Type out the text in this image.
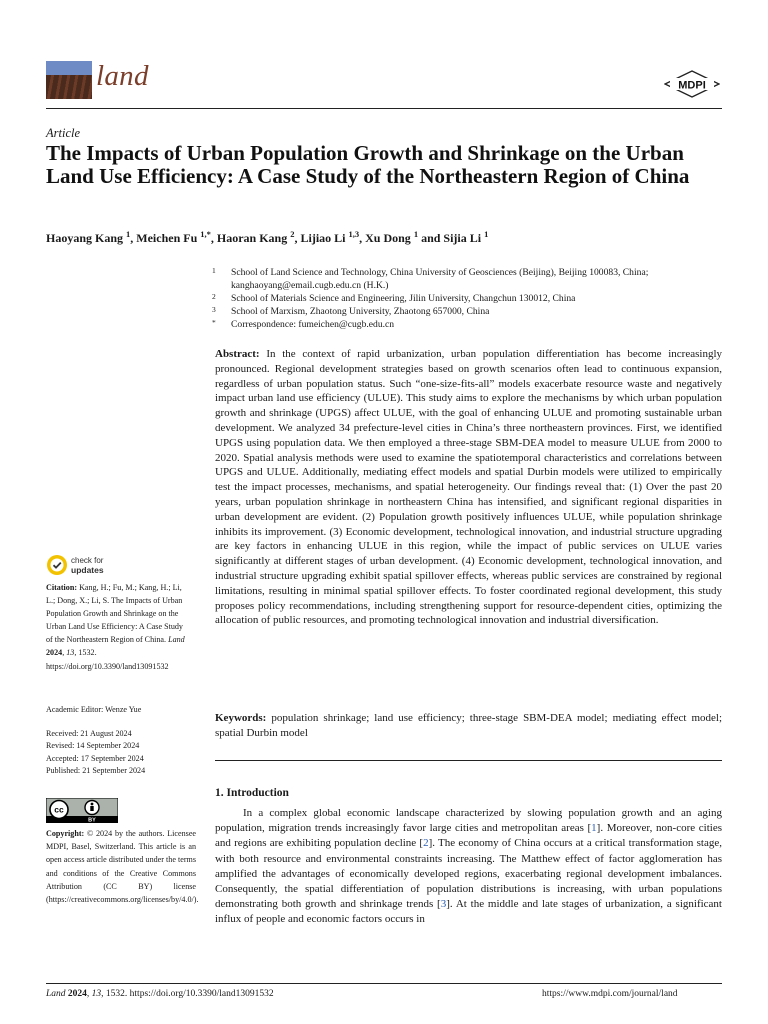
land	MDPI
Article
The Impacts of Urban Population Growth and Shrinkage on the Urban Land Use Efficiency: A Case Study of the Northeastern Region of China
Haoyang Kang $^1$, Meichen Fu $^{1,*}$, Haoran Kang $^2$, Lijiao Li $^{1,3}$, Xu Dong $^1$ and Sijia Li $^1$
1 School of Land Science and Technology, China University of Geosciences (Beijing), Beijing 100083, China; kanghaoyang@email.cugb.edu.cn (H.K.)
2 School of Materials Science and Engineering, Jilin University, Changchun 130012, China
3 School of Marxism, Zhaotong University, Zhaotong 657000, China
* Correspondence: fumeichen@cugb.edu.cn
check for
updates
Citation: Kang, H.; Fu, M.; Kang, H.; Li, L.; Dong, X.; Li, S. The Impacts of Urban Population Growth and Shrinkage on the Urban Land Use Efficiency: A Case Study of the Northeastern Region of China. Land 2024, 13, 1532. https://doi.org/10.3390/land13091532
Academic Editor: Wenze Yue
Received: 21 August 2024
Revised: 14 September 2024
Accepted: 17 September 2024
Published: 21 September 2024
cc
BY
Copyright: © 2024 by the authors. Licensee MDPI, Basel, Switzerland. This article is an open access article distributed under the terms and conditions of the Creative Commons Attribution (CC BY) license (https://creativecommons.org/licenses/by/4.0/).
Abstract: In the context of rapid urbanization, urban population differentiation has become increasingly pronounced. Regional development strategies based on growth scenarios often lead to continuous expansion, regardless of urban population status. Such “one-size-fits-all” models exacerbate resource waste and negatively impact urban land use efficiency (ULUE). This study aims to explore the mechanisms by which urban population growth and shrinkage (UPGS) affect ULUE, with the goal of enhancing ULUE and promoting sustainable urban development. We analyzed 34 prefecture-level cities in China’s three northeastern provinces. First, we identified UPGS using population data. We then employed a three-stage SBM-DEA model to measure ULUE from 2000 to 2020. Spatial analysis methods were used to examine the spatiotemporal characteristics and correlations between UPGS and ULUE. Additionally, mediating effect models and spatial Durbin models were utilized to empirically test the impact processes, mechanisms, and spatial heterogeneity. Our findings reveal that: (1) Over the past 20 years, urban population shrinkage in northeastern China has intensified, and significant regional disparities in urban development are evident. (2) Population growth positively influences ULUE, while population shrinkage inhibits its improvement. (3) Economic development, technological innovation, and industrial structure upgrading are key factors in enhancing ULUE in this region, while the impact of public services on ULUE varies significantly at different stages of urban development. (4) Economic development, technological innovation, and industrial structure upgrading exhibit spatial spillover effects, whereas public services are constrained by regional limitations, resulting in minimal spatial spillover effects. To foster coordinated regional development, this study proposes policy recommendations, including strengthening support for resource-dependent cities, optimizing the allocation of public resources, and promoting technological innovation and industrial diversification.
Keywords: population shrinkage; land use efficiency; three-stage SBM-DEA model; mediating effect model; spatial Durbin model
1. Introduction
In a complex global economic landscape characterized by slowing population growth and an aging population, migration trends increasingly favor large cities and metropolitan areas [1]. Moreover, non-core cities and regions are exhibiting population decline [2]. The economy of China occurs at a critical transformation stage, with both resource and environmental constraints increasing. The Matthew effect of factor agglomeration has amplified the advantages of economically developed regions, exacerbating regional development imbalances. Consequently, the spatial differentiation of population distributions is increasing, with urban populations demonstrating both growth and shrinkage trends [3]. At the middle and late stages of urbanization, a significant influx of people and economic factors occurs in
Land 2024, 13, 1532. https://doi.org/10.3390/land13091532	https://www.mdpi.com/journal/land
